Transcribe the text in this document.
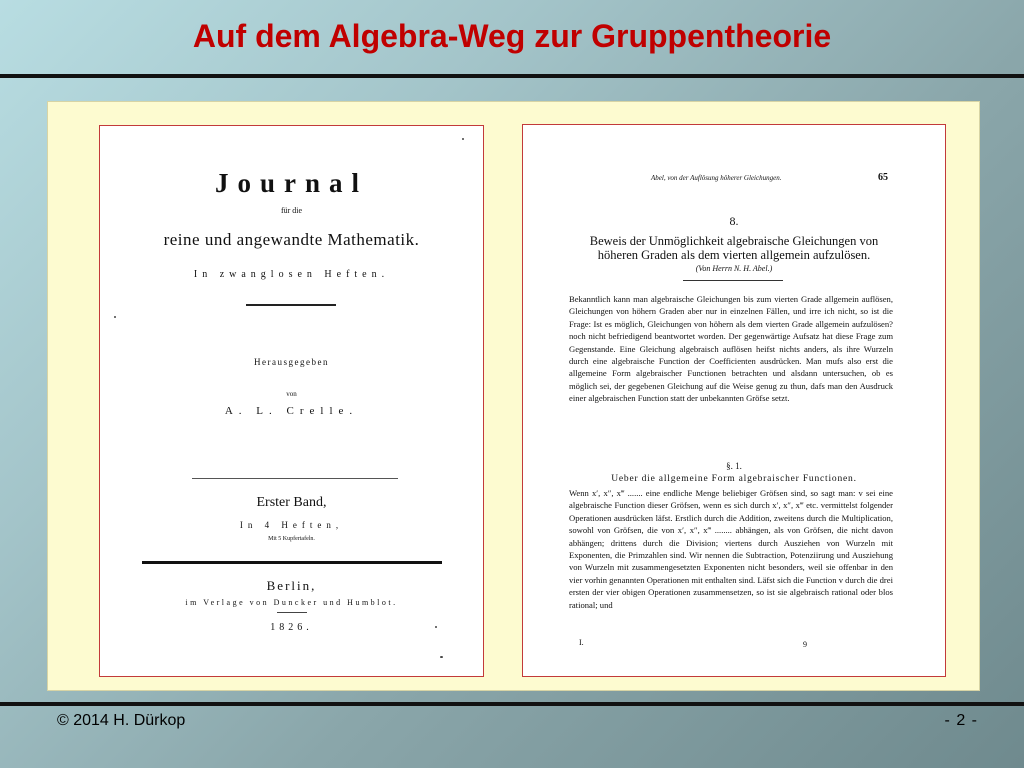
Auf dem Algebra-Weg zur Gruppentheorie
Journal
für die
reine und angewandte Mathematik.
In zwanglosen Heften.
Herausgegeben
von
A. L. Crelle.
Erster Band,
In 4 Heften,
Mit 5 Kupfertafeln.
Berlin,
im Verlage von Duncker und Humblot.
1826.
Abel, von der Auflösung höherer Gleichungen.	65
8.
Beweis der Unmöglichkeit algebraische Gleichungen von
höheren Graden als dem vierten allgemein aufzulösen.
(Von Herrn N. H. Abel.)
Bekanntlich kann man algebraische Gleichungen bis zum vierten Grade allgemein auflösen, Gleichungen von höhern Graden aber nur in einzelnen Fällen, und irre ich nicht, so ist die Frage: Ist es möglich, Gleichungen von höhern als dem vierten Grade allgemein aufzulösen? noch nicht befriedigend beantwortet worden. Der gegenwärtige Aufsatz hat diese Frage zum Gegenstande. Eine Gleichung algebraisch auflösen heifst nichts anders, als ihre Wurzeln durch eine algebraische Function der Coefficienten ausdrücken. Man mufs also erst die allgemeine Form algebraischer Functionen betrachten und alsdann untersuchen, ob es möglich sei, der gegebenen Gleichung auf die Weise genug zu thun, dafs man den Ausdruck einer algebraischen Function statt der unbekannten Gröfse setzt.
§. 1.
Ueber die allgemeine Form algebraischer Functionen.
Wenn x′, x″, x‴ ....... eine endliche Menge beliebiger Gröfsen sind, so sagt man: v sei eine algebraische Function dieser Gröfsen, wenn es sich durch x′, x″, x‴ etc. vermittelst folgender Operationen ausdrücken läfst. Erstlich durch die Addition, zweitens durch die Multiplication, sowohl von Gröfsen, die von x′, x″, x‴ ........ abhängen, als von Gröfsen, die nicht davon abhängen; drittens durch die Division; viertens durch Ausziehen von Wurzeln mit Exponenten, die Primzahlen sind. Wir nennen die Subtraction, Potenziirung und Ausziehung von Wurzeln mit zusammengesetzten Exponenten nicht besonders, weil sie offenbar in den vier vorhin genannten Operationen mit enthalten sind. Läfst sich die Function v durch die drei ersten der vier obigen Operationen zusammensetzen, so ist sie algebraisch rational oder blos rational; und
I.	9
© 2014 H. Dürkop	- 2 -
